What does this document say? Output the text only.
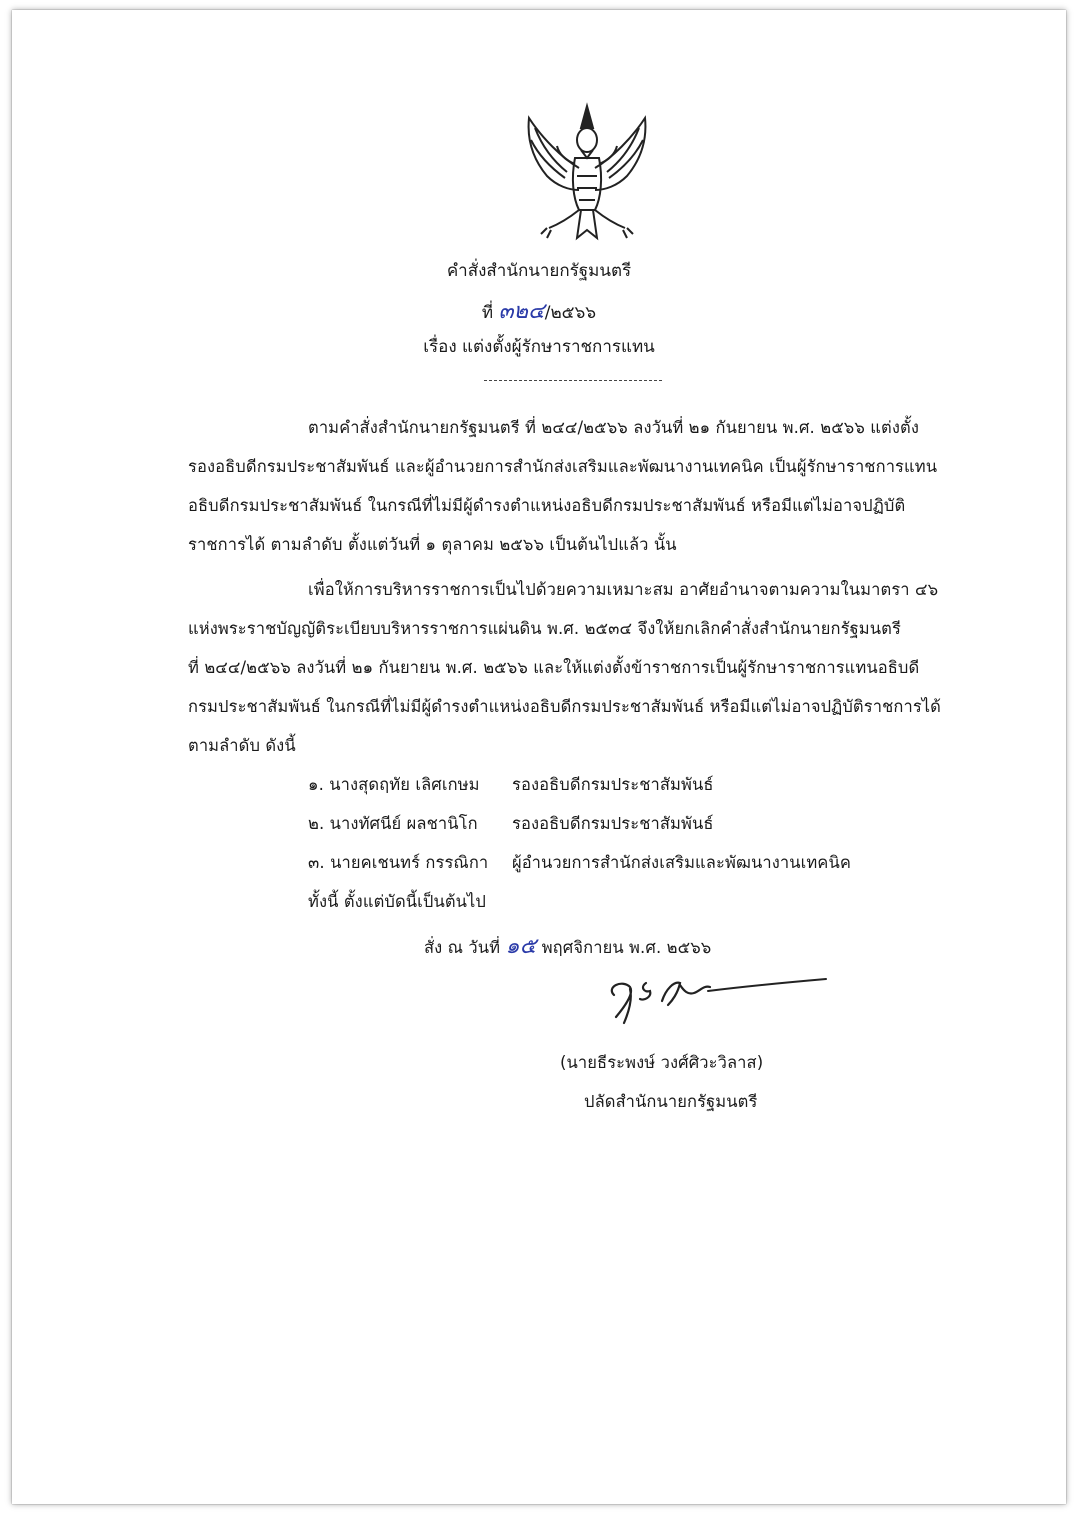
คำสั่งสำนักนายกรัฐมนตรี
ที่ ๓๒๔/๒๕๖๖
เรื่อง แต่งตั้งผู้รักษาราชการแทน
ตามคำสั่งสำนักนายกรัฐมนตรี ที่ ๒๔๔/๒๕๖๖ ลงวันที่ ๒๑ กันยายน พ.ศ. ๒๕๖๖ แต่งตั้ง
รองอธิบดีกรมประชาสัมพันธ์ และผู้อำนวยการสำนักส่งเสริมและพัฒนางานเทคนิค เป็นผู้รักษาราชการแทน
อธิบดีกรมประชาสัมพันธ์ ในกรณีที่ไม่มีผู้ดำรงตำแหน่งอธิบดีกรมประชาสัมพันธ์ หรือมีแต่ไม่อาจปฏิบัติ
ราชการได้ ตามลำดับ ตั้งแต่วันที่ ๑ ตุลาคม ๒๕๖๖ เป็นต้นไปแล้ว นั้น
เพื่อให้การบริหารราชการเป็นไปด้วยความเหมาะสม อาศัยอำนาจตามความในมาตรา ๔๖
แห่งพระราชบัญญัติระเบียบบริหารราชการแผ่นดิน พ.ศ. ๒๕๓๔ จึงให้ยกเลิกคำสั่งสำนักนายกรัฐมนตรี
ที่ ๒๔๔/๒๕๖๖ ลงวันที่ ๒๑ กันยายน พ.ศ. ๒๕๖๖ และให้แต่งตั้งข้าราชการเป็นผู้รักษาราชการแทนอธิบดี
กรมประชาสัมพันธ์ ในกรณีที่ไม่มีผู้ดำรงตำแหน่งอธิบดีกรมประชาสัมพันธ์ หรือมีแต่ไม่อาจปฏิบัติราชการได้
ตามลำดับ ดังนี้
๑. นางสุดฤทัย เลิศเกษม รองอธิบดีกรมประชาสัมพันธ์
๒. นางทัศนีย์ ผลชานิโก รองอธิบดีกรมประชาสัมพันธ์
๓. นายคเชนทร์ กรรณิกา ผู้อำนวยการสำนักส่งเสริมและพัฒนางานเทคนิค
ทั้งนี้ ตั้งแต่บัดนี้เป็นต้นไป
สั่ง ณ วันที่ ๑๕ พฤศจิกายน พ.ศ. ๒๕๖๖
(นายธีระพงษ์ วงศ์ศิวะวิลาส)
ปลัดสำนักนายกรัฐมนตรี
